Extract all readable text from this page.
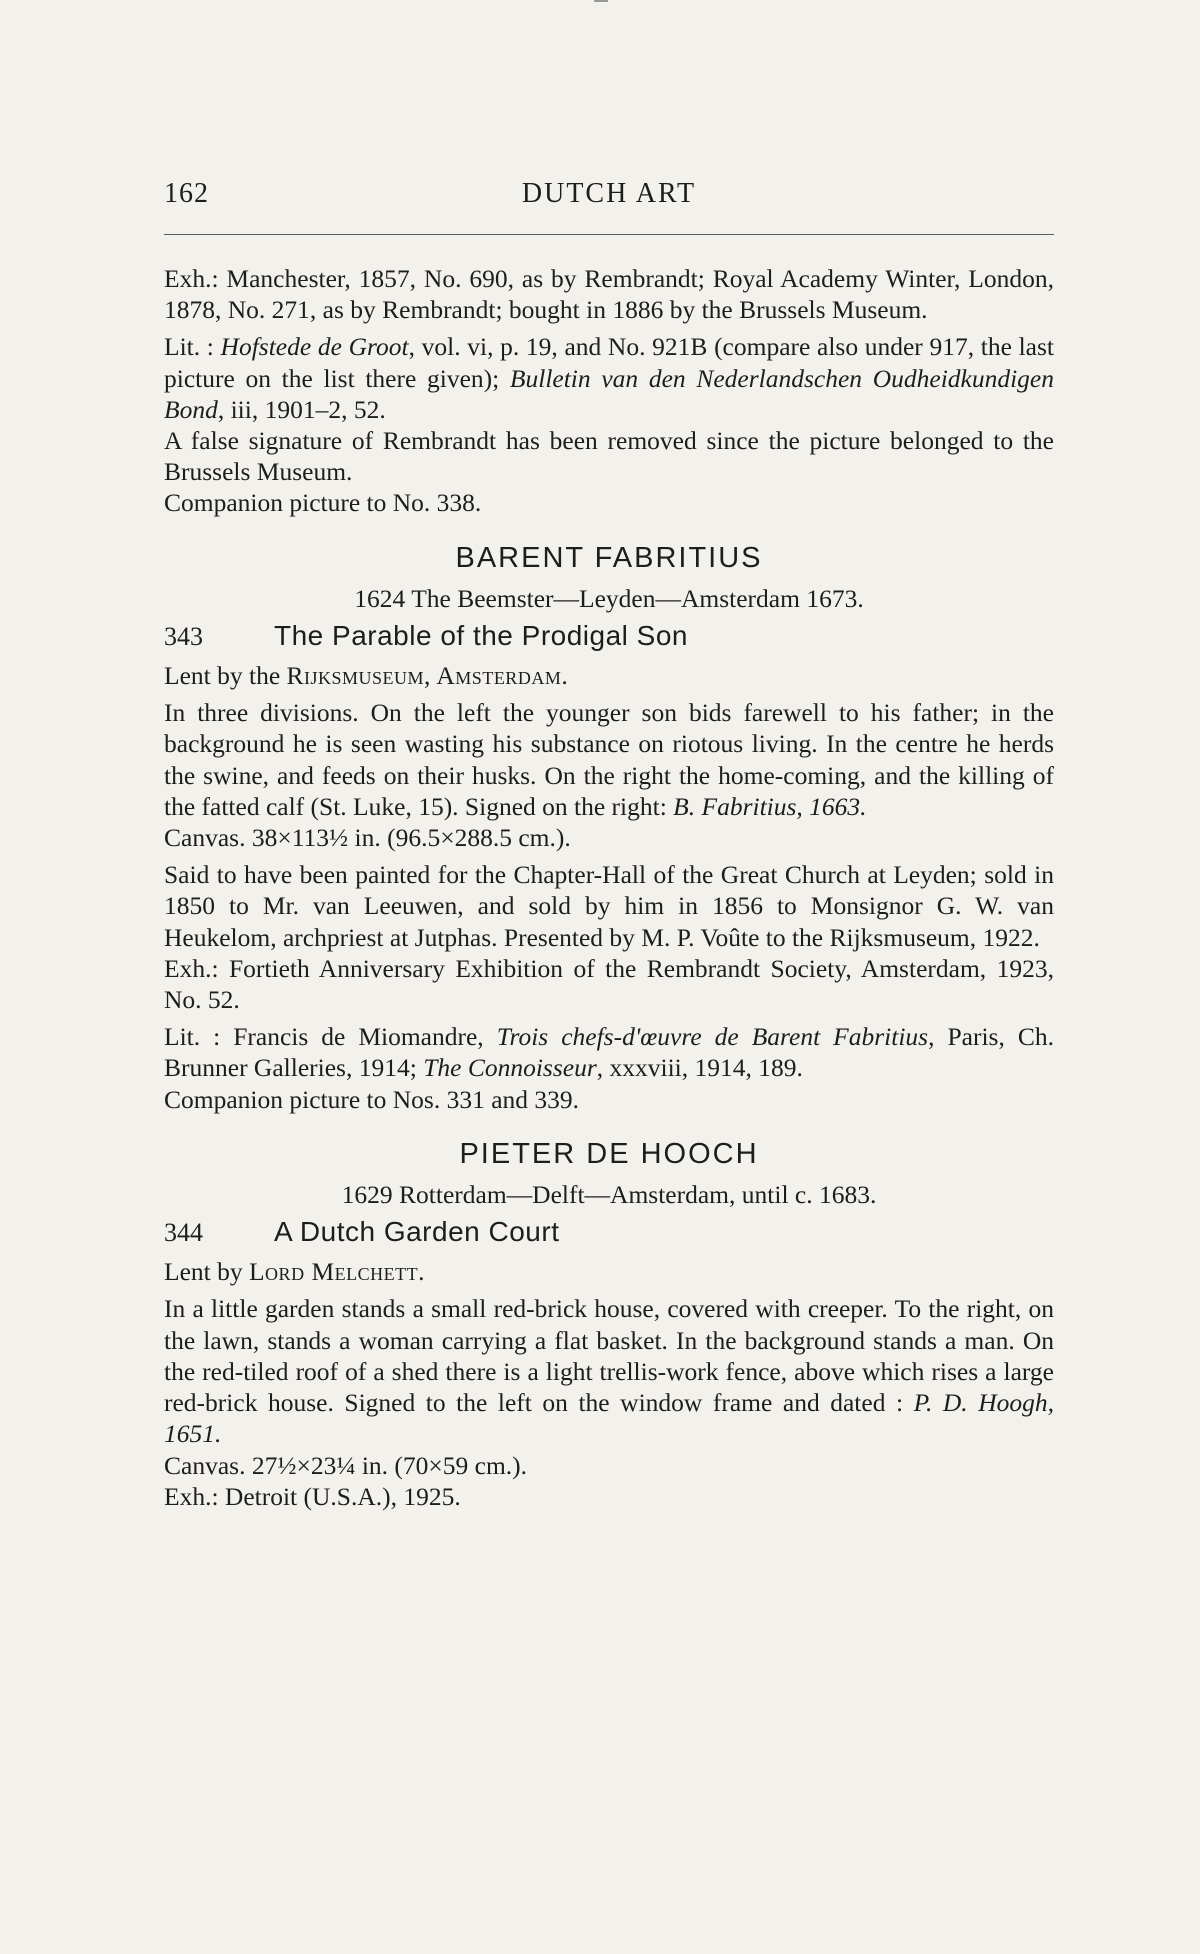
162	DUTCH ART

Exh.: Manchester, 1857, No. 690, as by Rembrandt; Royal Academy Winter, London, 1878, No. 271, as by Rembrandt; bought in 1886 by the Brussels Museum.

Lit. : Hofstede de Groot, vol. vi, p. 19, and No. 921B (compare also under 917, the last picture on the list there given); Bulletin van den Nederlandschen Oudheidkundigen Bond, iii, 1901–2, 52.

A false signature of Rembrandt has been removed since the picture belonged to the Brussels Museum.

Companion picture to No. 338.

BARENT FABRITIUS
1624 The Beemster—Leyden—Amsterdam 1673.
343	The Parable of the Prodigal Son

Lent by the Rijksmuseum, Amsterdam.

In three divisions. On the left the younger son bids farewell to his father; in the background he is seen wasting his substance on riotous living. In the centre he herds the swine, and feeds on their husks. On the right the home-coming, and the killing of the fatted calf (St. Luke, 15). Signed on the right: B. Fabritius, 1663.

Canvas. 38×113½ in. (96.5×288.5 cm.).

Said to have been painted for the Chapter-Hall of the Great Church at Leyden; sold in 1850 to Mr. van Leeuwen, and sold by him in 1856 to Monsignor G. W. van Heukelom, archpriest at Jutphas. Presented by M. P. Voûte to the Rijksmuseum, 1922.

Exh.: Fortieth Anniversary Exhibition of the Rembrandt Society, Amsterdam, 1923, No. 52.

Lit. : Francis de Miomandre, Trois chefs-d'œuvre de Barent Fabritius, Paris, Ch. Brunner Galleries, 1914; The Connoisseur, xxxviii, 1914, 189.

Companion picture to Nos. 331 and 339.

PIETER DE HOOCH
1629 Rotterdam—Delft—Amsterdam, until c. 1683.
344	A Dutch Garden Court

Lent by Lord Melchett.

In a little garden stands a small red-brick house, covered with creeper. To the right, on the lawn, stands a woman carrying a flat basket. In the background stands a man. On the red-tiled roof of a shed there is a light trellis-work fence, above which rises a large red-brick house. Signed to the left on the window frame and dated : P. D. Hoogh, 1651.

Canvas. 27½×23¼ in. (70×59 cm.).

Exh.: Detroit (U.S.A.), 1925.
